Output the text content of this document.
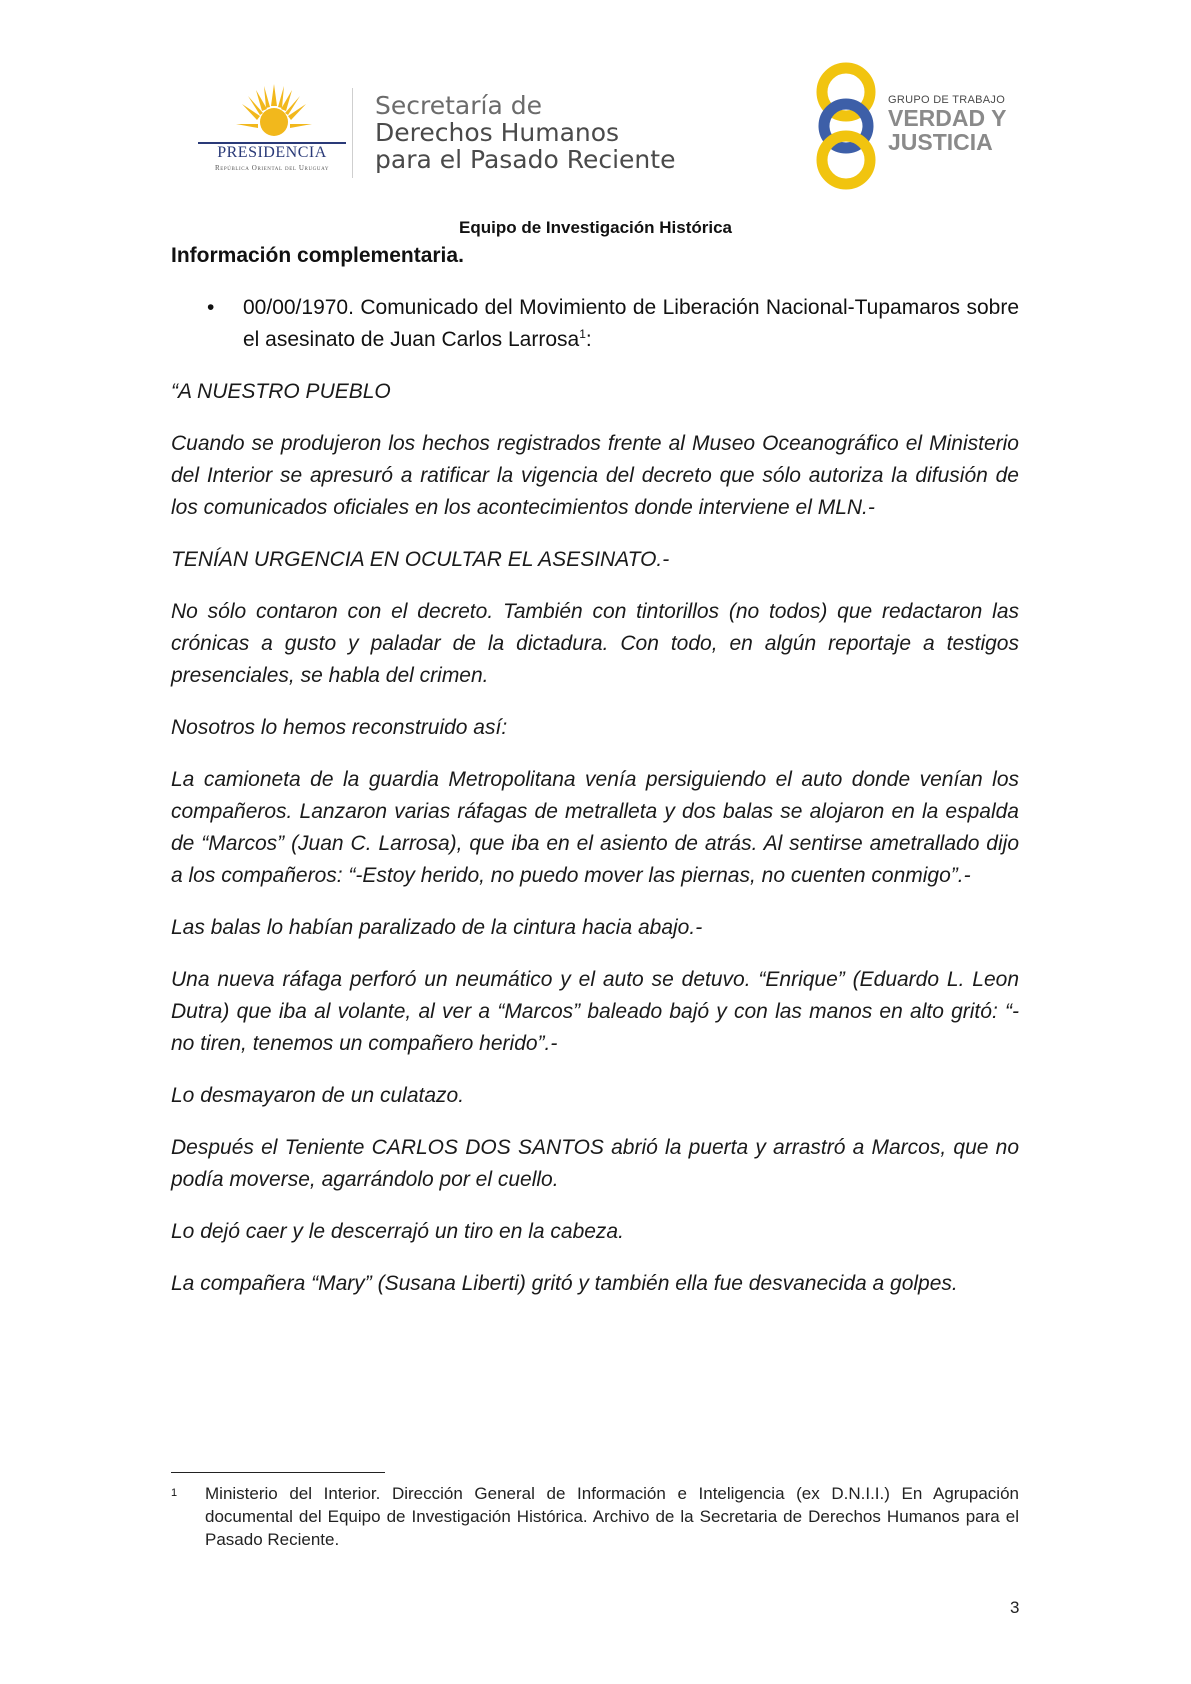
PRESIDENCIA
República Oriental del Uruguay
Secretaría de
Derechos Humanos
para el Pasado Reciente
GRUPO DE TRABAJO
VERDAD Y
JUSTICIA
Equipo de Investigación Histórica

Información complementaria.

• 00/00/1970. Comunicado del Movimiento de Liberación Nacional-Tupamaros sobre el asesinato de Juan Carlos Larrosa$^1$:

“A NUESTRO PUEBLO

Cuando se produjeron los hechos registrados frente al Museo Oceanográfico el Ministerio del Interior se apresuró a ratificar la vigencia del decreto que sólo autoriza la difusión de los comunicados oficiales en los acontecimientos donde interviene el MLN.-

TENÍAN URGENCIA EN OCULTAR EL ASESINATO.-

No sólo contaron con el decreto. También con tintorillos (no todos) que redactaron las crónicas a gusto y paladar de la dictadura. Con todo, en algún reportaje a testigos presenciales, se habla del crimen.

Nosotros lo hemos reconstruido así:

La camioneta de la guardia Metropolitana venía persiguiendo el auto donde venían los compañeros. Lanzaron varias ráfagas de metralleta y dos balas se alojaron en la espalda de “Marcos” (Juan C. Larrosa), que iba en el asiento de atrás. Al sentirse ametrallado dijo a los compañeros: “-Estoy herido, no puedo mover las piernas, no cuenten conmigo”.-

Las balas lo habían paralizado de la cintura hacia abajo.-

Una nueva ráfaga perforó un neumático y el auto se detuvo. “Enrique” (Eduardo L. Leon Dutra) que iba al volante, al ver a “Marcos” baleado bajó y con las manos en alto gritó: “- no tiren, tenemos un compañero herido”.-

Lo desmayaron de un culatazo.

Después el Teniente CARLOS DOS SANTOS abrió la puerta y arrastró a Marcos, que no podía moverse, agarrándolo por el cuello.

Lo dejó caer y le descerrajó un tiro en la cabeza.

La compañera “Mary” (Susana Liberti) gritó y también ella fue desvanecida a golpes.

1	Ministerio del Interior. Dirección General de Información e Inteligencia (ex D.N.I.I.) En Agrupación documental del Equipo de Investigación Histórica. Archivo de la Secretaria de Derechos Humanos para el Pasado Reciente.
3
